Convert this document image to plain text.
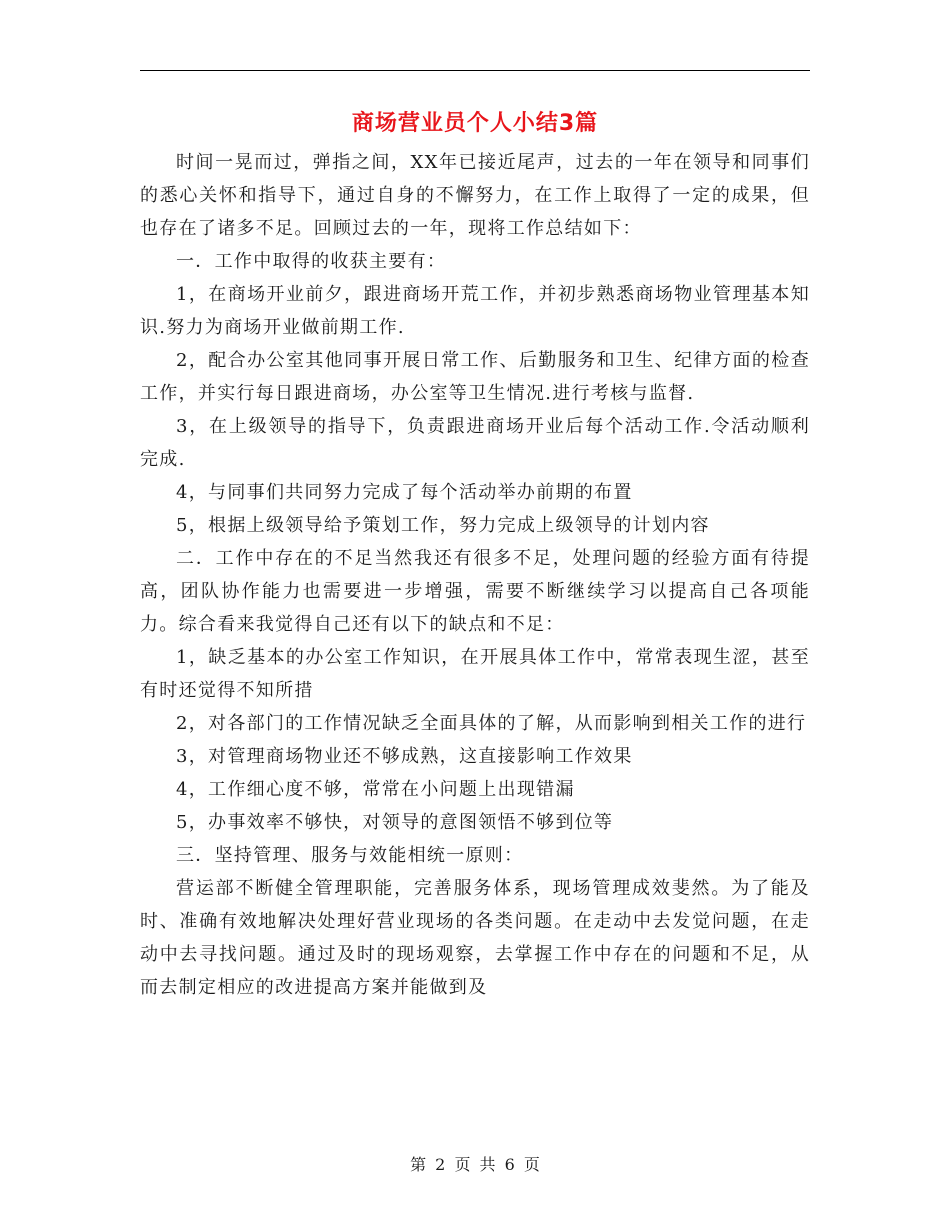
商场营业员个人小结3篇

时间一晃而过，弹指之间，XX年已接近尾声，过去的一年在领导和同事们的悉心关怀和指导下，通过自身的不懈努力，在工作上取得了一定的成果，但也存在了诸多不足。回顾过去的一年，现将工作总结如下：

一．工作中取得的收获主要有：

1，在商场开业前夕，跟进商场开荒工作，并初步熟悉商场物业管理基本知识.努力为商场开业做前期工作.

2，配合办公室其他同事开展日常工作、后勤服务和卫生、纪律方面的检查工作，并实行每日跟进商场，办公室等卫生情况.进行考核与监督.

3，在上级领导的指导下，负责跟进商场开业后每个活动工作.令活动顺利完成.

4，与同事们共同努力完成了每个活动举办前期的布置

5，根据上级领导给予策划工作，努力完成上级领导的计划内容

二．工作中存在的不足当然我还有很多不足，处理问题的经验方面有待提高，团队协作能力也需要进一步增强，需要不断继续学习以提高自己各项能力。综合看来我觉得自己还有以下的缺点和不足：

1，缺乏基本的办公室工作知识，在开展具体工作中，常常表现生涩，甚至有时还觉得不知所措

2，对各部门的工作情况缺乏全面具体的了解，从而影响到相关工作的进行

3，对管理商场物业还不够成熟，这直接影响工作效果

4，工作细心度不够，常常在小问题上出现错漏

5，办事效率不够快，对领导的意图领悟不够到位等

三．坚持管理、服务与效能相统一原则：

营运部不断健全管理职能，完善服务体系，现场管理成效斐然。为了能及时、准确有效地解决处理好营业现场的各类问题。在走动中去发觉问题，在走动中去寻找问题。通过及时的现场观察，去掌握工作中存在的问题和不足，从而去制定相应的改进提高方案并能做到及

第 2 页 共 6 页
